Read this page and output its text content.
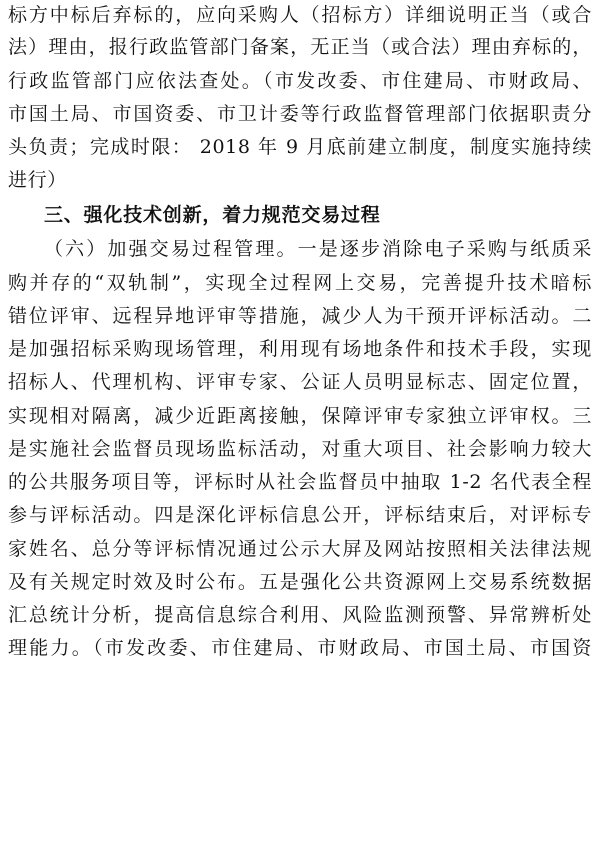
标方中标后弃标的，应向采购人（招标方）详细说明正当（或合
法）理由，报行政监管部门备案，无正当（或合法）理由弃标的，
行政监管部门应依法查处。（市发改委、市住建局、市财政局、
市国土局、市国资委、市卫计委等行政监督管理部门依据职责分
头负责；完成时限： 2018 年 9 月底前建立制度，制度实施持续
进行）
三、强化技术创新，着力规范交易过程
（六）加强交易过程管理。一是逐步消除电子采购与纸质采
购并存的“双轨制”，实现全过程网上交易，完善提升技术暗标
错位评审、远程异地评审等措施，减少人为干预开评标活动。二
是加强招标采购现场管理，利用现有场地条件和技术手段，实现
招标人、代理机构、评审专家、公证人员明显标志、固定位置，
实现相对隔离，减少近距离接触，保障评审专家独立评审权。三
是实施社会监督员现场监标活动，对重大项目、社会影响力较大
的公共服务项目等，评标时从社会监督员中抽取 1-2 名代表全程
参与评标活动。四是深化评标信息公开，评标结束后，对评标专
家姓名、总分等评标情况通过公示大屏及网站按照相关法律法规
及有关规定时效及时公布。五是强化公共资源网上交易系统数据
汇总统计分析，提高信息综合利用、风险监测预警、异常辨析处
理能力。（市发改委、市住建局、市财政局、市国土局、市国资
